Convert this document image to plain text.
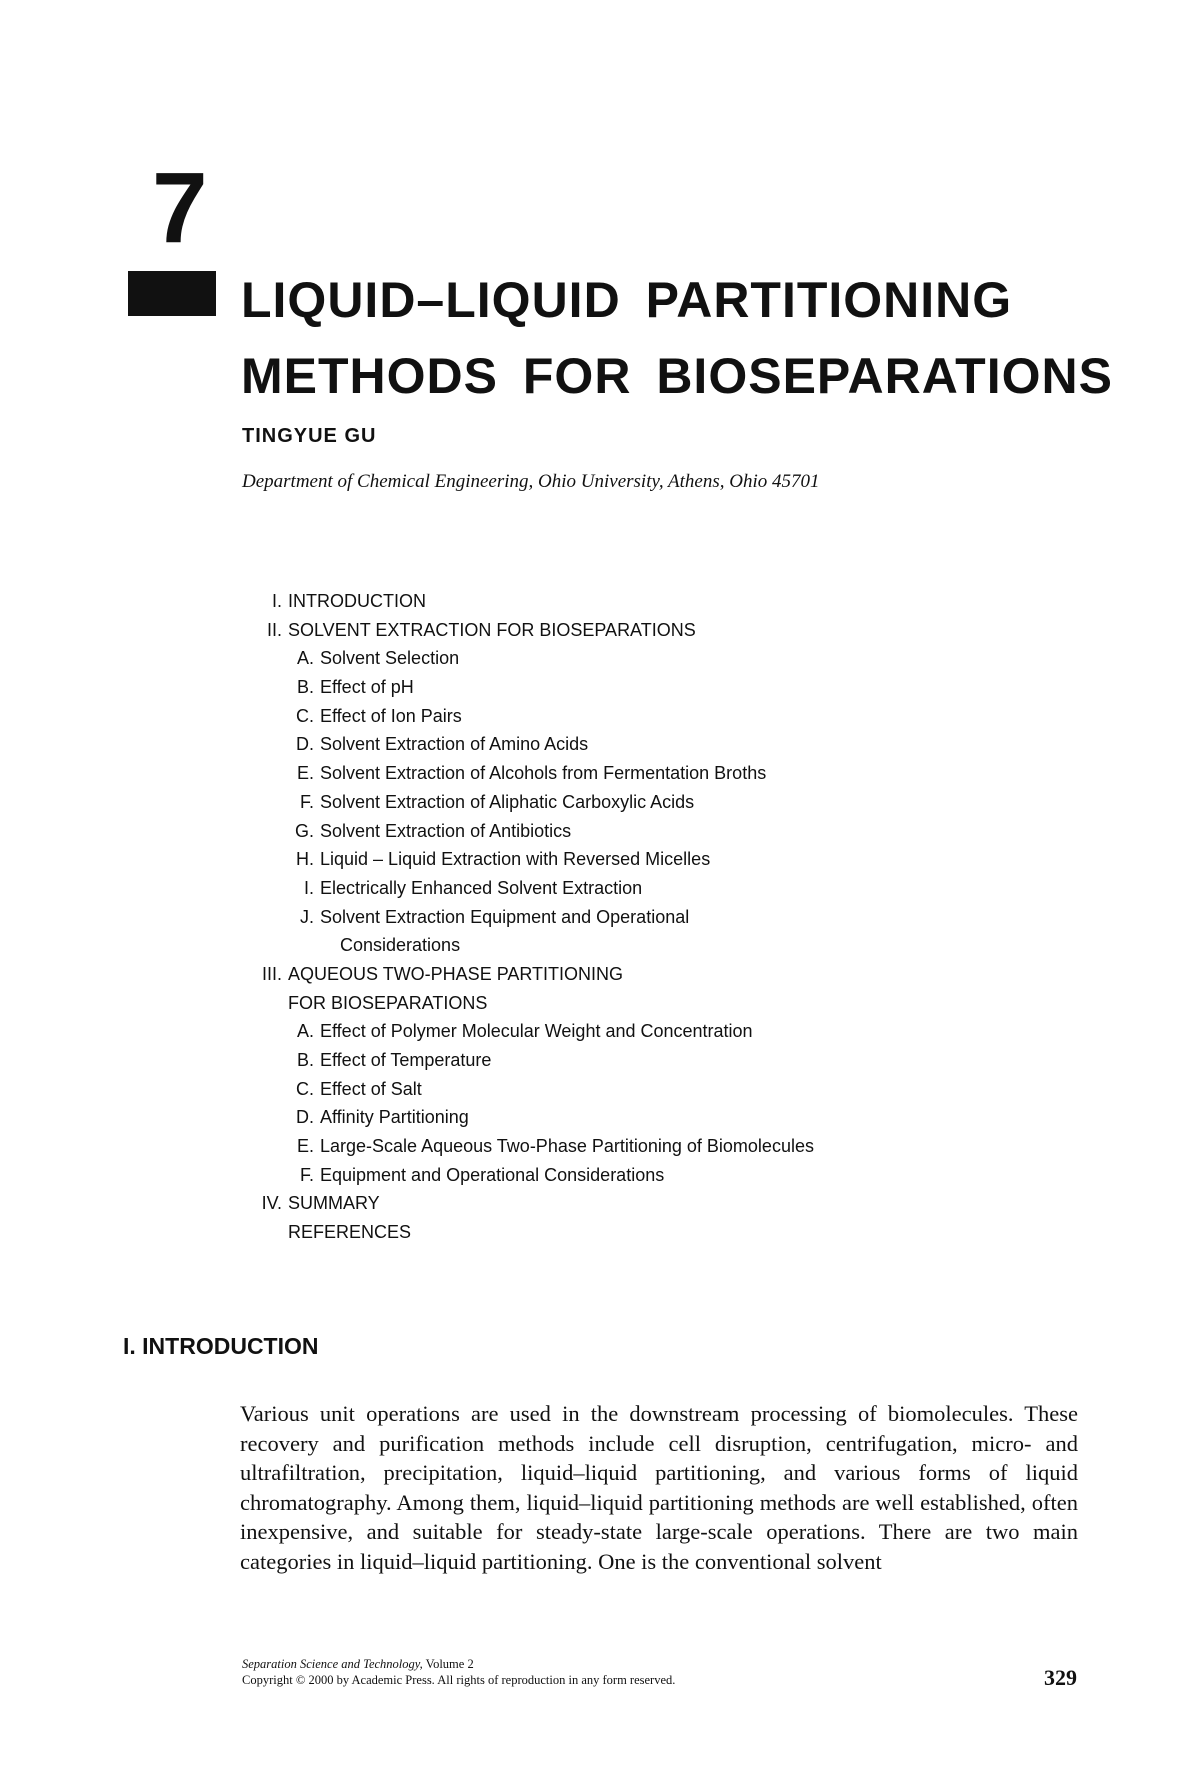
7
LIQUID–LIQUID PARTITIONING
METHODS FOR BIOSEPARATIONS

TINGYUE GU

Department of Chemical Engineering, Ohio University, Athens, Ohio 45701

I. INTRODUCTION
II. SOLVENT EXTRACTION FOR BIOSEPARATIONS
A. Solvent Selection
B. Effect of pH
C. Effect of Ion Pairs
D. Solvent Extraction of Amino Acids
E. Solvent Extraction of Alcohols from Fermentation Broths
F. Solvent Extraction of Aliphatic Carboxylic Acids
G. Solvent Extraction of Antibiotics
H. Liquid – Liquid Extraction with Reversed Micelles
I. Electrically Enhanced Solvent Extraction
J. Solvent Extraction Equipment and Operational
Considerations
III. AQUEOUS TWO-PHASE PARTITIONING
FOR BIOSEPARATIONS
A. Effect of Polymer Molecular Weight and Concentration
B. Effect of Temperature
C. Effect of Salt
D. Affinity Partitioning
E. Large-Scale Aqueous Two-Phase Partitioning of Biomolecules
F. Equipment and Operational Considerations
IV. SUMMARY
REFERENCES
I. INTRODUCTION

Various unit operations are used in the downstream processing of biomolecules. These recovery and purification methods include cell disruption, centrifugation, micro- and ultrafiltration, precipitation, liquid–liquid partitioning, and various forms of liquid chromatography. Among them, liquid–liquid partitioning methods are well established, often inexpensive, and suitable for steady-state large-scale operations. There are two main categories in liquid–liquid partitioning. One is the conventional solvent

Separation Science and Technology, Volume 2
Copyright © 2000 by Academic Press. All rights of reproduction in any form reserved.	329
